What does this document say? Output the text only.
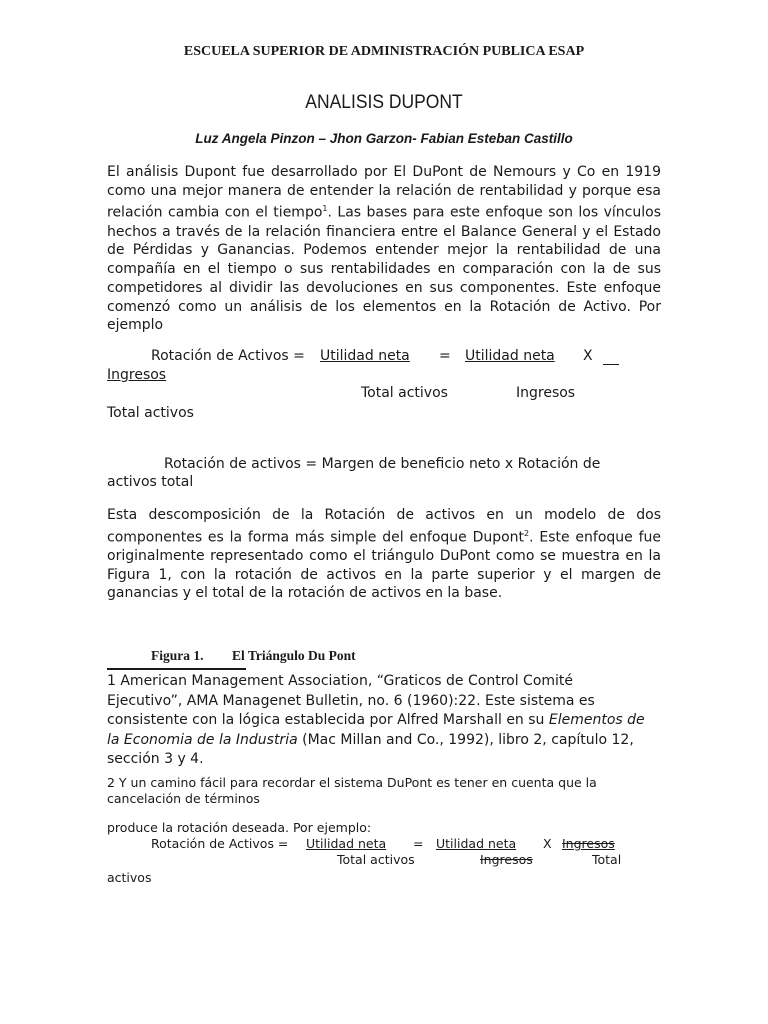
ESCUELA SUPERIOR DE ADMINISTRACIÓN PUBLICA ESAP
ANALISIS DUPONT
Luz Angela Pinzon – Jhon Garzon- Fabian Esteban Castillo
El análisis Dupont fue desarrollado por El DuPont de Nemours y Co en 1919 como una mejor manera de entender la relación de rentabilidad y porque esa relación cambia con el tiempo$^1$. Las bases para este enfoque son los vínculos hechos a través de la relación financiera entre el Balance General y el Estado de Pérdidas y Ganancias. Podemos entender mejor la rentabilidad de una compañía en el tiempo o sus rentabilidades en comparación con la de sus competidores al dividir las devoluciones en sus componentes. Este enfoque comenzó como un análisis de los elementos en la Rotación de Activo. Por ejemplo
Rotación de Activos = Utilidad neta = Utilidad neta X
Ingresos
Total activos	Ingresos
Total activos
Rotación de activos = Margen de beneficio neto x Rotación de
activos total
Esta descomposición de la Rotación de activos en un modelo de dos componentes es la forma más simple del enfoque Dupont$^2$. Este enfoque fue originalmente representado como el triángulo DuPont como se muestra en la Figura 1, con la rotación de activos en la parte superior y el margen de ganancias y el total de la rotación de activos en la base.
Figura 1. El Triángulo Du Pont
1 American Management Association, “Graticos de Control Comité Ejecutivo”, AMA Managenet Bulletin, no. 6 (1960):22. Este sistema es consistente con la lógica establecida por Alfred Marshall en su Elementos de la Economia de la Industria (Mac Millan and Co., 1992), libro 2, capítulo 12, sección 3 y 4.
2 Y un camino fácil para recordar el sistema DuPont es tener en cuenta que la cancelación de términos
produce la rotación deseada. Por ejemplo:
Rotación de Activos = Utilidad neta = Utilidad neta X Ingresos
Total activos	Ingresos	Total
activos
